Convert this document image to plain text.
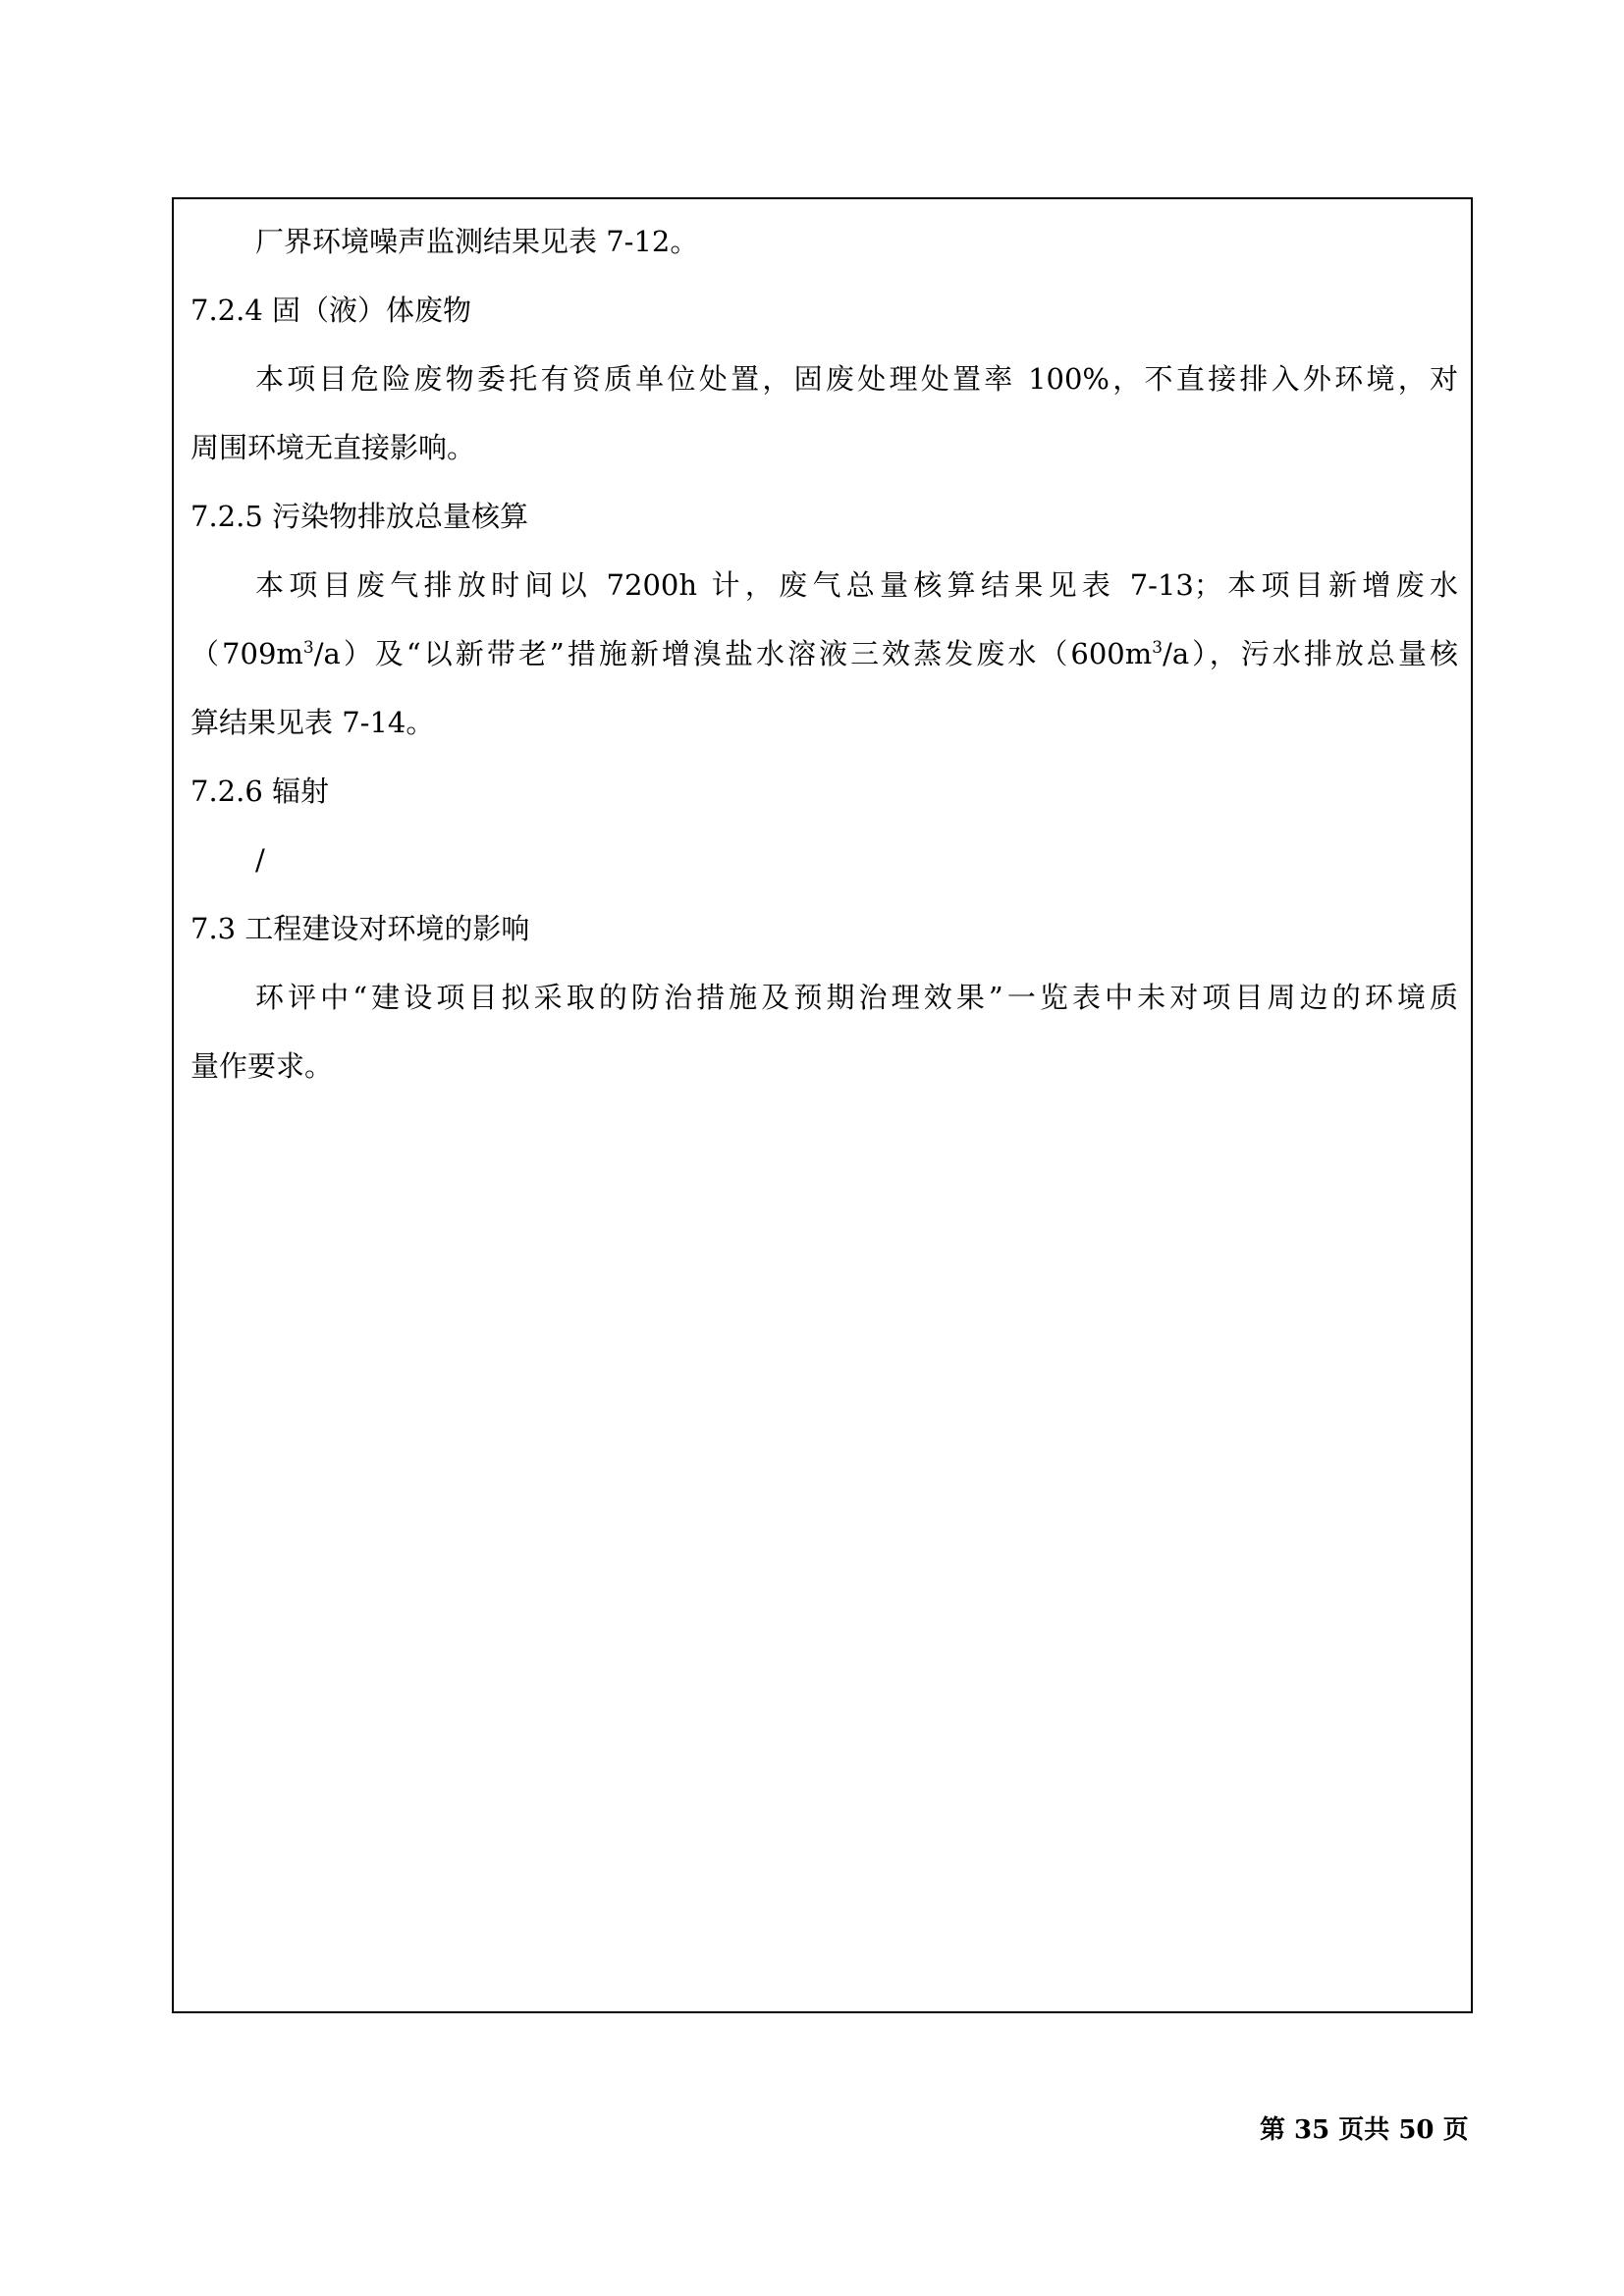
厂界环境噪声监测结果见表 7-12。
7.2.4 固（液）体废物
本项目危险废物委托有资质单位处置，固废处理处置率 100%，不直接排入外环境，对
周围环境无直接影响。
7.2.5 污染物排放总量核算
本项目废气排放时间以 7200h 计，废气总量核算结果见表 7-13；本项目新增废水
$(709m^3/a)$及“以新带老”措施新增溴盐水溶液三效蒸发废水$(600m^3/a)$，污水排放总量核
算结果见表 7-14。
7.2.6 辐射
/
7.3 工程建设对环境的影响
环评中“建设项目拟采取的防治措施及预期治理效果”一览表中未对项目周边的环境质
量作要求。
第 35 页共 50 页
